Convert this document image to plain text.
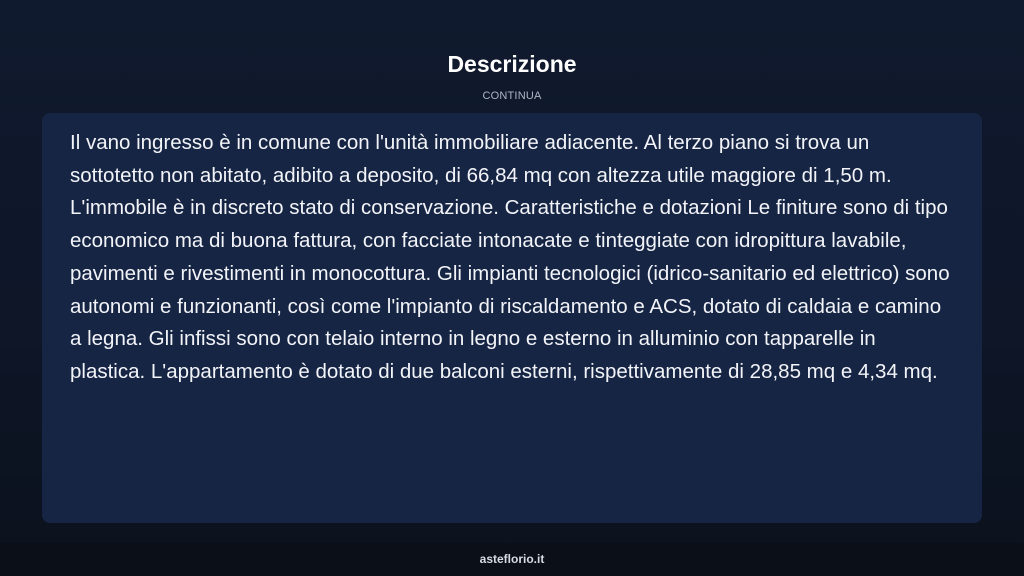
Descrizione
CONTINUA

Il vano ingresso è in comune con l'unità immobiliare adiacente. Al terzo piano si trova un sottotetto non abitato, adibito a deposito, di 66,84 mq con altezza utile maggiore di 1,50 m. L'immobile è in discreto stato di conservazione. Caratteristiche e dotazioni Le finiture sono di tipo economico ma di buona fattura, con facciate intonacate e tinteggiate con idropittura lavabile, pavimenti e rivestimenti in monocottura. Gli impianti tecnologici (idrico-sanitario ed elettrico) sono autonomi e funzionanti, così come l'impianto di riscaldamento e ACS, dotato di caldaia e camino a legna. Gli infissi sono con telaio interno in legno e esterno in alluminio con tapparelle in plastica. L'appartamento è dotato di due balconi esterni, rispettivamente di 28,85 mq e 4,34 mq.

asteflorio.it
